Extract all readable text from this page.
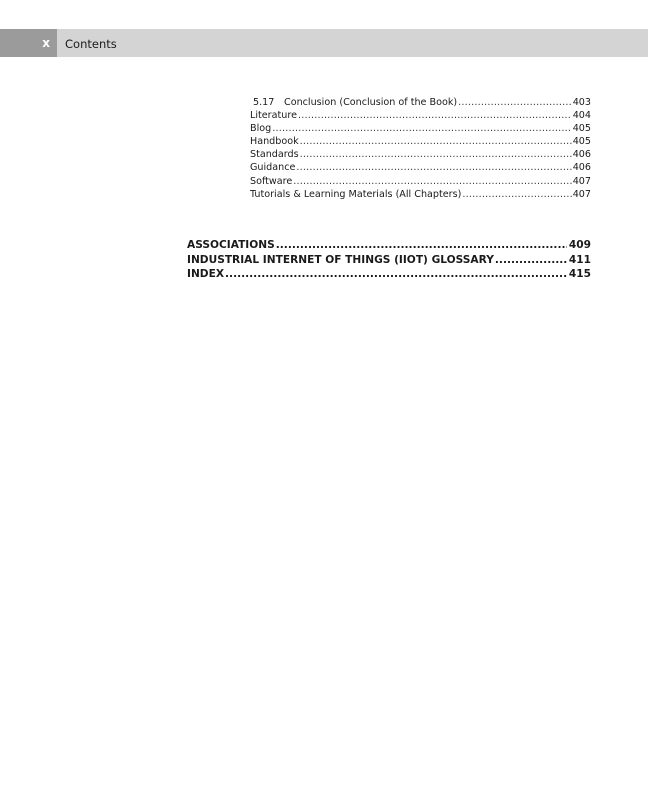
x Contents
5.17	Conclusion (Conclusion of the Book) .....	403
Literature .....	404
Blog .....	405
Handbook .....	405
Standards .....	406
Guidance .....	406
Software .....	407
Tutorials & Learning Materials (All Chapters) .....	407
ASSOCIATIONS .....	409
INDUSTRIAL INTERNET OF THINGS (IIOT) GLOSSARY .....	411
INDEX .....	415
